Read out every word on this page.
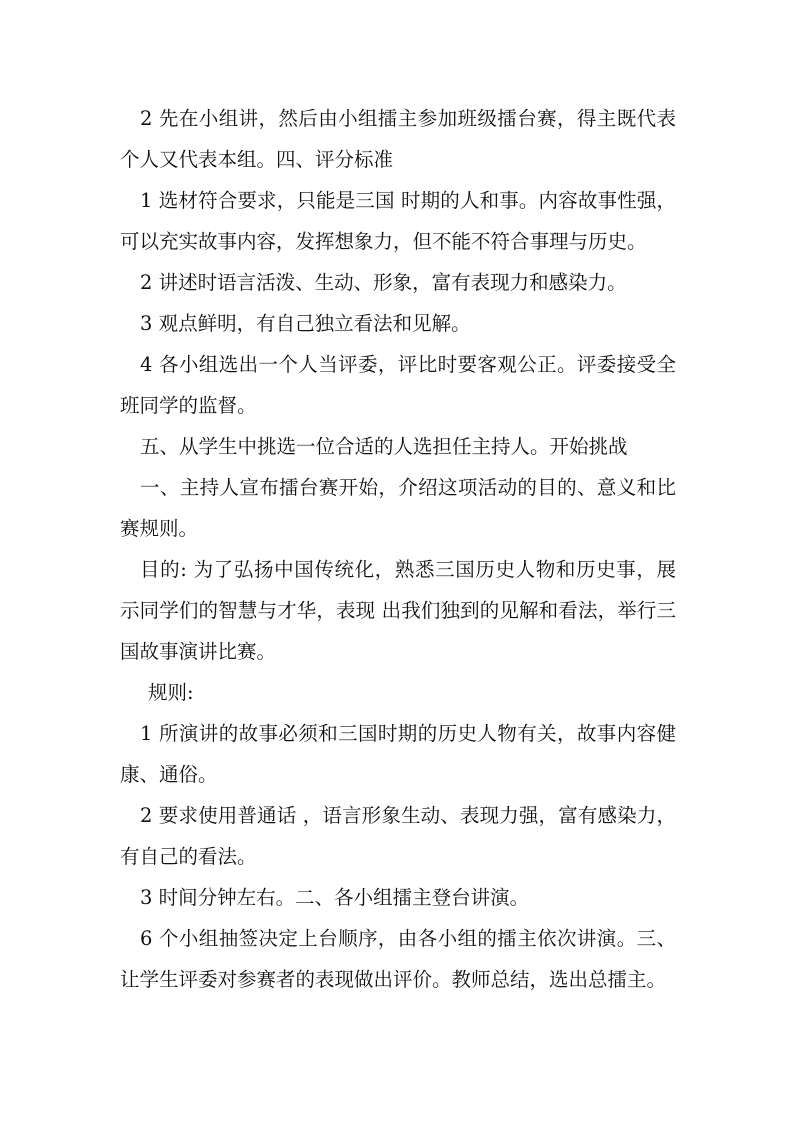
2 先在小组讲，然后由小组擂主参加班级擂台赛，得主既代表个人又代表本组。四、评分标准

1 选材符合要求，只能是三国 时期的人和事。内容故事性强，可以充实故事内容，发挥想象力，但不能不符合事理与历史。

2 讲述时语言活泼、生动、形象，富有表现力和感染力。

3 观点鲜明，有自己独立看法和见解。

4 各小组选出一个人当评委，评比时要客观公正。评委接受全班同学的监督。

五、从学生中挑选一位合适的人选担任主持人。开始挑战

一、主持人宣布擂台赛开始，介绍这项活动的目的、意义和比赛规则。

目的: 为了弘扬中国传统化，熟悉三国历史人物和历史事，展示同学们的智慧与才华，表现 出我们独到的见解和看法，举行三国故事演讲比赛。

规则:

1 所演讲的故事必须和三国时期的历史人物有关，故事内容健康、通俗。

2 要求使用普通话 ，语言形象生动、表现力强，富有感染力，有自己的看法。

3 时间分钟左右。二、各小组擂主登台讲演。

6 个小组抽签决定上台顺序，由各小组的擂主依次讲演。三、让学生评委对参赛者的表现做出评价。教师总结，选出总擂主。
